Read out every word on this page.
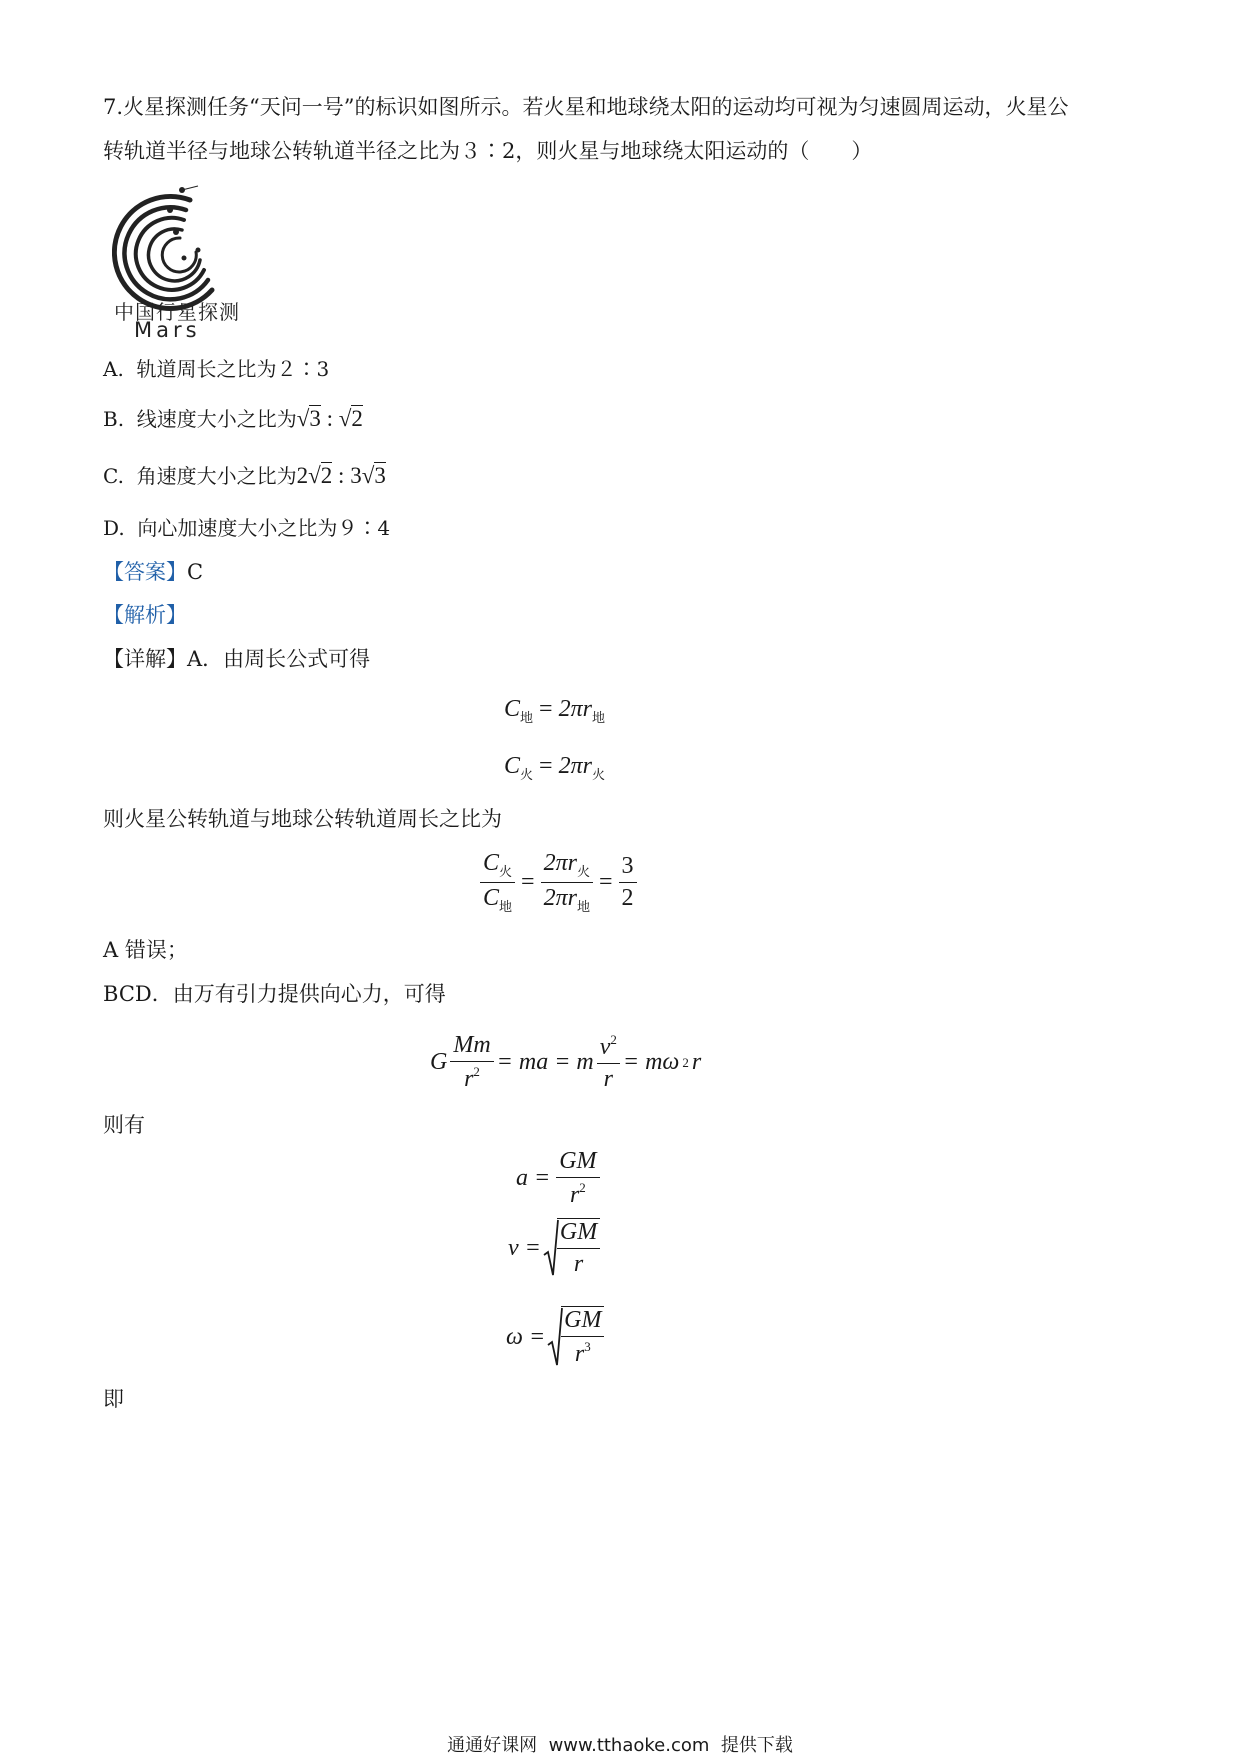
7.火星探测任务“天问一号”的标识如图所示。若火星和地球绕太阳的运动均可视为匀速圆周运动，火星公
转轨道半径与地球公转轨道半径之比为３∶2，则火星与地球绕太阳运动的（　　）
中国行星探测
Mars
A. 轨道周长之比为２∶3
B. 线速度大小之比为√3 : √2
C. 角速度大小之比为2√2 : 3√3
D. 向心加速度大小之比为９∶4
【答案】C
【解析】
【详解】A．由周长公式可得
$C_地 = 2\pi r_地$
$C_火 = 2\pi r_火$
则火星公转轨道与地球公转轨道周长之比为
$\frac{C_火}{C_地} = \frac{2\pi r_火}{2\pi r_地} = \frac{3}{2}$
A 错误；
BCD．由万有引力提供向心力，可得
G $\frac{Mm}{r^2}$ = ma = m $\frac{v^2}{r} = m\omega$ 2 r
则有
$a = \frac{GM}{r^2}$
$v = \frac{GM}{r}$
$\omega = \frac{GM}{r^3}$
即
通通好课网  www.tthaoke.com  提供下载
